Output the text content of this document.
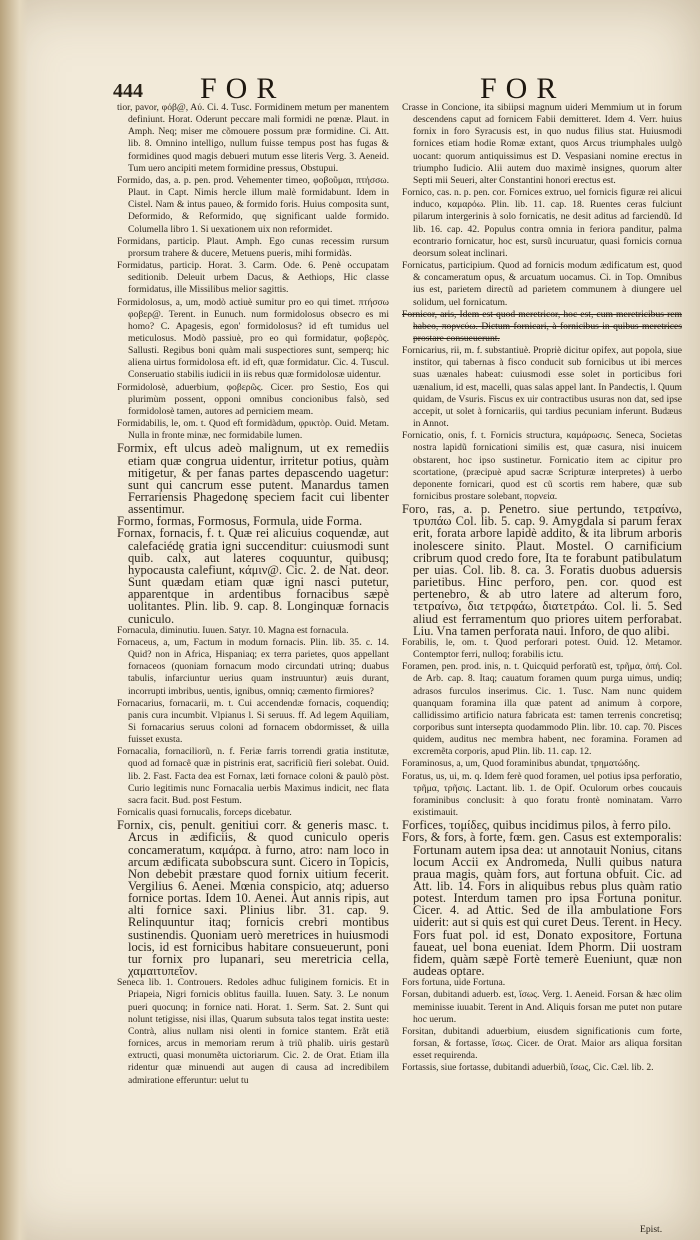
444 FOR	FOR

tior, pavor, φόβ@, Αύ. Ci. 4. Tusc. Formidinem metum per manentem definiunt. Horat. Oderunt peccare mali formidi ne pœnæ. Plaut. in Amph. Neq; miser me cõmouere possum præ formidine. Ci. Att. lib. 8. Omnino intelligo, nullum fuisse tempus post has fugas & formidines quod magis debueri mutum esse literis Verg. 3. Aeneid. Tum uero ancipiti metem formidine pressus, Obstupui.

Formido, das, a. p. pen. prod. Vehementer timeo, φοβοῦμαι, πτήσσω. Plaut. in Capt. Nimis hercle illum malè formidabunt. Idem in Cistel. Nam & intus paueo, & formido foris. Huius composita sunt, Deformido, & Reformido, quę significant ualde formido. Columella libro 1. Si uexationem uix non reformidet.

Formidans, particip. Plaut. Amph. Ego cunas recessim rursum prorsum trahere & ducere, Metuens pueris, mihi formidàs.

Formidatus, particip. Horat. 3. Carm. Ode. 6. Penè occupatam seditionib. Deleuit urbem Dacus, & Aethiops, Hic classe formidatus, ille Missilibus melior sagittis.

Formidolosus, a, um, modò actiuè sumitur pro eo qui timet. πτήσσω φοβερ@. Terent. in Eunuch. num formidolosus obsecro es mi homo? C. Apagesis, egon' formidolosus? id eft tumidus uel meticulosus. Modò passiuè, pro eo quì formidatur, φοβερὸς. Sallusti. Regibus boni quàm mali suspectiores sunt, semperq; hic aliena uirtus formidolosa eft. id eft, quæ formidatur. Cic. 4. Tuscul. Conseruatio stabilis iudicii in iis rebus quæ formidolosæ uidentur.

Formidolosè, aduerbium, φοβερῶς. Cicer. pro Sestio, Eos qui plurimùm possent, opponi omnibus concionibus falsò, sed formidolosè tamen, autores ad perniciem meam.

Formidabilis, le, om. t. Quod eft formidàdum, φρικτὸρ. Ouid. Metam. Nulla in fronte minæ, nec formidabile lumen.

Formix, eft ulcus adeò malignum, ut ex remediis etiam quæ congrua uidentur, irritetur potius, quàm mitigetur, & per fanas partes depascendo uagetur: sunt qui cancrum esse putent. Manardus tamen Ferrariensis Phagedonę speciem facit cui libenter assentimur.

Formo, formas, Formosus, Formula, uide Forma.

Fornax, fornacis, f. t. Quæ rei alicuius coquendæ, aut calefaciédę gratia igni succenditur: cuiusmodi sunt quib. calx, aut lateres coquuntur, quibusq; hypocausta calefiunt, κάμιν@. Cic. 2. de Nat. deor. Sunt quædam etiam quæ igni nasci putetur, apparentque in ardentibus fornacibus sæpè uolitantes. Plin. lib. 9. cap. 8. Longinquæ fornacis cuniculo.

Fornacula, diminutiu. Iuuen. Satyr. 10. Magna est fornacula.

Fornaceus, a, um, Factum in modum fornacis. Plin. lib. 35. c. 14. Quid? non in Africa, Hispaniaq; ex terra parietes, quos appellant fornaceos (quoniam fornacum modo circundati utrinq; duabus tabulis, infarciuntur uerius quam instruuntur) æuis durant, incorrupti imbribus, uentis, ignibus, omniq; cæmento firmiores?

Fornacarius, fornacarii, m. t. Cui accendendæ fornacis, coquendiq; panis cura incumbit. Vlpianus l. Si seruus. ff. Ad legem Aquiliam, Si fornacarius seruus coloni ad fornacem obdormisset, & uilla fuisset exusta.

Fornacalia, fornaciliorũ, n. f. Feriæ farris torrendi gratia institutæ, quod ad fornacê quæ in pistrinis erat, sacrificiũ fieri solebat. Ouid. lib. 2. Fast. Facta dea est Fornax, læti fornace coloni & paulò pòst. Curio legitimis nunc Fornacalia uerbis Maximus indicit, nec flata sacra facit. Bud. post Festum.

Fornicalis quasi fornucalis, forceps dicebatur.

Fornix, cis, penult. genitiui corr. & generis masc. t. Arcus in ædificiis, & quod cuniculo operis concameratum, καμάρα. à furno, atro: nam loco in arcum ædificata subobscura sunt. Cicero in Topicis, Non debebit præstare quod fornix uitium fecerit. Vergilius 6. Aenei. Mœnia conspicio, atq; aduerso fornice portas. Idem 10. Aenei. Aut annis ripis, aut alti fornice saxi. Plinius libr. 31. cap. 9. Relinquuntur itaq; fornicis crebri montibus sustinendis. Quoniam uerò meretrices in hu⁠iusmodi locis, id est fornicibus habitare consueuerunt, poni tur fornix pro lupanari, seu meretricia cella, χαμαιτυπεῖον.

Seneca lib. 1. Controuers. Redoles adhuc fuliginem fornicis. Et in Priapeia, Nigri fornicis oblitus fauilla. Iuuen. Saty. 3. Le nonum pueri quocunq; in fornice nati. Horat. 1. Serm. Sat. 2. Sunt qui nolunt tetigisse, nisi illas, Quarum subsuta talos tegat instita ueste: Contrà, alius nullam nisi olenti in fornice stantem. Erãt etiã fornices, arcus in memoriam rerum à triũ phalib. uiris gestarũ extructi, quasi monumẽta uictoriarum. Cic. 2. de Orat. Etiam illa ridentur quæ minuendi aut augen di causa ad incredibilem admiratione efferuntur: uelut tu

Crasse in Concione, ita sibiipsi magnum uideri Memmium ut in forum descendens caput ad fornicem Fabii demitteret. Idem 4. Verr. huius fornix in foro Syracusis est, in quo nudus filius stat. Huiusmodi fornices etiam hodie Romæ extant, quos Arcus triumphales uulgò uocant: quorum antiquissimus est D. Vespasiani nomine erectus in triumpho Iudicio. Alii autem duo maximè insignes, quorum alter Septi mii Seueri, alter Constantini honori erectus est.

Fornico, cas. n. p. pen. cor. Fornices extruo, uel fornicis figuræ rei alicui induco, καμαρόω. Plin. lib. 11. cap. 18. Ruentes ceras fulciunt pilarum intergerinis à solo fornicatis, ne desit aditus ad farciendũ. Id lib. 16. cap. 42. Populus contra omnia in feriora panditur, palma econtrario fornicatur, hoc est, sursũ incuruatur, quasi fornicis cornua deorsum soleat inclinari.

Fornicatus, participium. Quod ad fornicis modum ædificatum est, quod & concameratum opus, & arcuatum uocamus. Ci. in Top. Omnibus ius est, parietem directũ ad parietem communem à diungere uel solidum, uel fornicatum.

Fornicor, aris, Idem est quod meretricor, hoc est, cum meretricibus rem habeo, πορνεύω. Dictum fornicari, à fornicibus in quibus meretrices prostare consueuerunt.

Fornicarius, rii, m. f. substantiuè. Propriè dicitur opifex, aut popola, siue institor, qui tabernas à fisco conducit sub fornicibus ut ibi merces suas uænales habeat: cuiusmodi esse solet in porticibus fori uænalium, id est, macelli, quas salas appel lant. In Pandectis, l. Quum quidam, de Vsuris. Fiscus ex uir contractibus usuras non dat, sed ipse accepit, ut solet à fornicariis, qui tardius pecuniam inferunt. Budæus in Annot.

Fornicatio, onis, f. t. Fornicis structura, καμάρωσις. Seneca, Societas nostra lapidũ fornicationi similis est, quæ casura, nisi inuicem obstarent, hoc ipso sustinetur. Fornicatio item ac cipitur pro scortatione, (præcipuè apud sacræ Scripturæ interpretes) à uerbo deponente fornicari, quod est cũ scortis rem habere, quæ sub fornicibus prostare solebant, πορνεία.

Foro, ras, a. p. Penetro. siue pertundo, τετραίνω, τρυπάω Col. lib. 5. cap. 9. Amygdala si parum ferax erit, forata arbore lapidè addito, & ita librum arboris inolescere sinito. Plaut. Mostel. O carnificium cribrum quod credo fore, Ita te forabunt patibulatum per uias. Col. lib. 8. ca. 3. Foratis duobus aduersis parietibus. Hinc perforo, pen. cor. quod est pertenebro, & ab utro latere ad alterum foro, τετραίνω, δια τετρφάω, διατετράω. Col. li. 5. Sed aliud est ferramentum quo priores uitem perforabat. Liu. Vna tamen perforata naui. Inforo, de quo alibi.

Forabilis, le, om. t. Quod perforari potest. Ouid. 12. Metamor. Contemptor ferri, nulloq; forabilis ictu.

Foramen, pen. prod. inis, n. t. Quicquid perforatũ est, τρῆμα, ὀπή. Col. de Arb. cap. 8. Itaq; cauatum foramen quum purga uimus, undiq; adrasos furculos inserimus. Cic. 1. Tusc. Nam nunc quidem quanquam foramina illa quæ patent ad animum à corpore, callidissimo artificio natura fabricata est: tamen terrenis concretisq; corporibus sunt intersepta quodammodo Plin. libr. 10. cap. 70. Pisces quidem, auditus nec membra habent, nec foramina. Foramen ad excremẽta corporis, apud Plin. lib. 11. cap. 12.

Foraminosus, a, um, Quod foraminibus abundat, τρηματώδης.

Foratus, us, ui, m. q. Idem ferè quod foramen, uel potius ipsa perforatio, τρῆμα, τρῆσις. Lactant. lib. 1. de Opif. Oculorum orbes coucauis foraminibus conclusit: à quo foratu frontè nominatam. Varro existimauit.

Forfices, τομίδες, quibus incidimus pilos, à ferro pilo.

Fors, & fors, à forte, fœm. gen. Casus est extemporalis: Fortunam autem ipsa dea: ut annotauit Nonius, citans locum Accii ex Andromeda, Nulli quibus natura praua magis, quàm fors, aut fortuna obfuit. Cic. ad Att. lib. 14. Fors in aliquibus rebus plus quàm ratio potest. Interdum tamen pro ipsa Fortuna ponitur. Cicer. 4. ad Attic. Sed de illa ambulatione Fors uiderit: aut si quis est qui curet Deus. Terent. in Hecy. Fors fuat pol. id est, Donato expositore, Fortuna faueat, uel bona eueniat. Idem Phorm. Dii uostram fidem, quàm sæpè Fortè temerè Eueniunt, quæ non audeas optare.

Fors fortuna, uide Fortuna.

Forsan, dubitandi aduerb. est, ἴσως. Verg. 1. Aeneid. Forsan & hæc olim meminisse iuuabit. Terent in And. Aliquis forsan me putet non putare hoc uerum.

Forsitan, dubitandi aduerbium, eiusdem significationis cum forte, forsan, & fortasse, ἴσως. Cicer. de Orat. Maior ars aliqua forsitan esset requirenda.

Fortassis, siue fortasse, dubitandi aduerbiũ, ἴσως, Cic. Cæl. lib. 2.

Epist.
